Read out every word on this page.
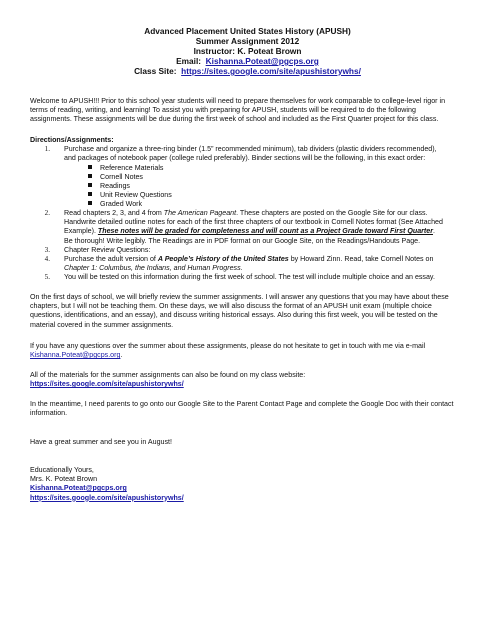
Advanced Placement United States History (APUSH)
Summer Assignment 2012
Instructor: K. Poteat Brown
Email: Kishanna.Poteat@pgcps.org
Class Site: https://sites.google.com/site/apushistorywhs/
Welcome to APUSH!!! Prior to this school year students will need to prepare themselves for work comparable to college-level rigor in
terms of reading, writing, and learning! To assist you with preparing for APUSH, students will be required to do the following
assignments. These assignments will be due during the first week of school and included as the First Quarter project for this class.
Directions/Assignments:
1. Purchase and organize a three-ring binder (1.5” recommended minimum), tab dividers (plastic dividers recommended),
and packages of notebook paper (college ruled preferably). Binder sections will be the following, in this exact order:
Reference Materials
Cornell Notes
Readings
Unit Review Questions
Graded Work
2. Read chapters 2, 3, and 4 from The American Pageant. These chapters are posted on the Google Site for our class.
Handwrite detailed outline notes for each of the first three chapters of our textbook in Cornell Notes format (See Attached
Example). These notes will be graded for completeness and will count as a Project Grade toward First Quarter.
Be thorough! Write legibly. The Readings are in PDF format on our Google Site, on the Readings/Handouts Page.
3. Chapter Review Questions:
4. Purchase the adult version of A People’s History of the United States by Howard Zinn. Read, take Cornell Notes on
Chapter 1: Columbus, the Indians, and Human Progress.
5. You will be tested on this information during the first week of school. The test will include multiple choice and an essay.
On the first days of school, we will briefly review the summer assignments. I will answer any questions that you may have about these
chapters, but I will not be teaching them. On these days, we will also discuss the format of an APUSH unit exam (multiple choice
questions, identifications, and an essay), and discuss writing historical essays. Also during this first week, you will be tested on the
material covered in the summer assignments.
If you have any questions over the summer about these assignments, please do not hesitate to get in touch with me via e-mail
Kishanna.Poteat@pgcps.org.
All of the materials for the summer assignments can also be found on my class website:
https://sites.google.com/site/apushistorywhs/
In the meantime, I need parents to go onto our Google Site to the Parent Contact Page and complete the Google Doc with their contact
information.
Have a great summer and see you in August!
Educationally Yours,
Mrs. K. Poteat Brown
Kishanna.Poteat@pgcps.org
https://sites.google.com/site/apushistorywhs/
